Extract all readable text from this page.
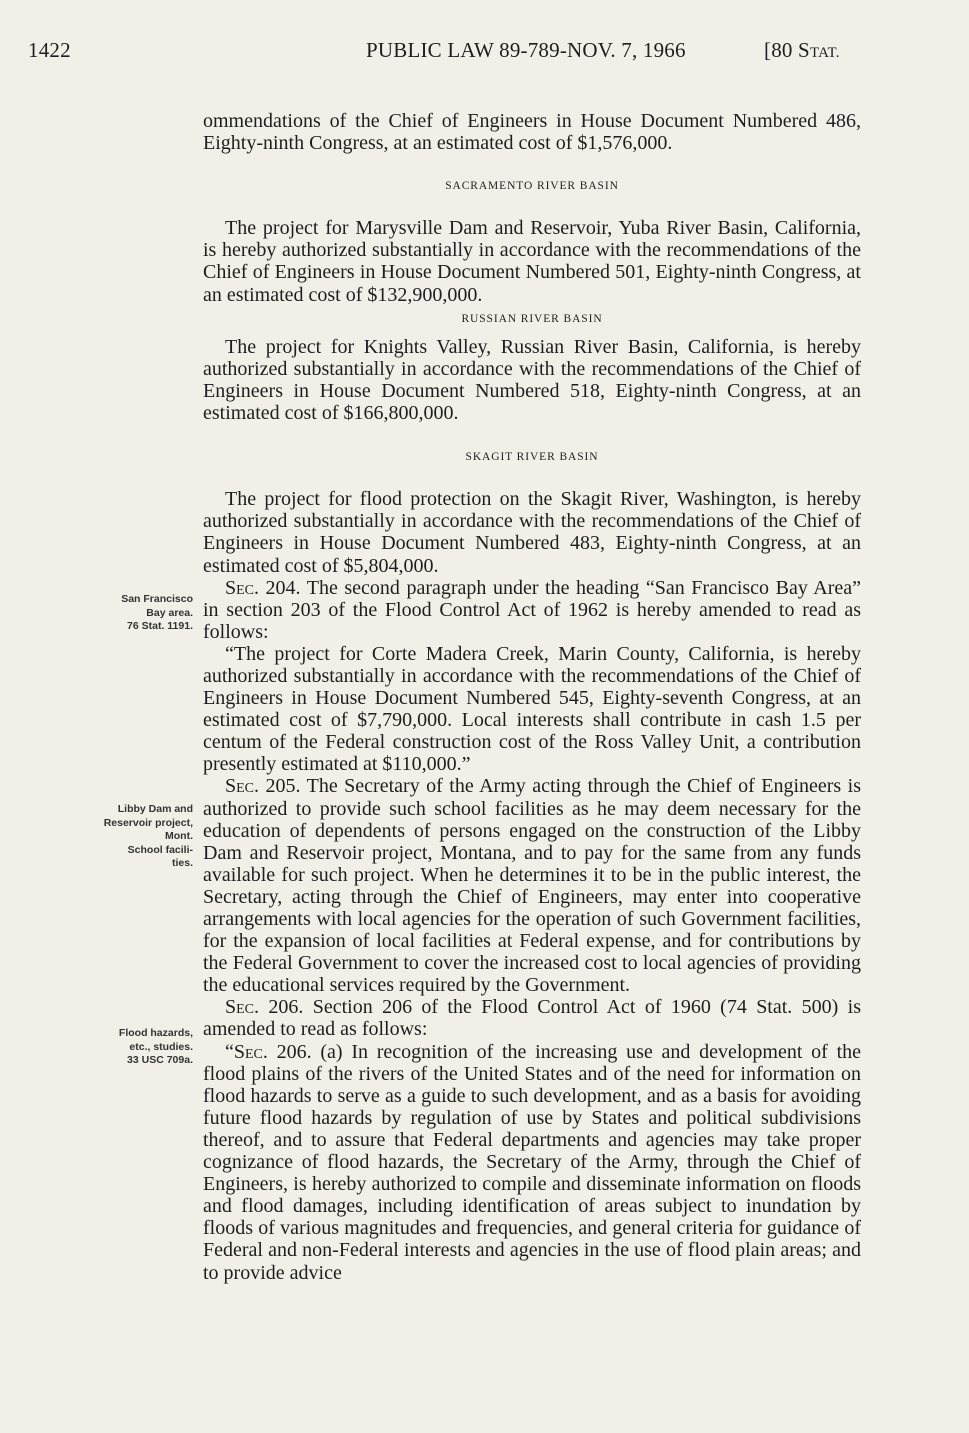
1422	PUBLIC LAW 89-789-NOV. 7, 1966	[80 STAT.
San Francisco
Bay area.
76 Stat. 1191.
Libby Dam and
Reservoir project,
Mont.
School facili-
ties.
Flood hazards,
etc., studies.
33 USC 709a.

ommendations of the Chief of Engineers in House Document Numbered 486, Eighty-ninth Congress, at an estimated cost of $1,576,000.

SACRAMENTO RIVER BASIN

The project for Marysville Dam and Reservoir, Yuba River Basin, California, is hereby authorized substantially in accordance with the recommendations of the Chief of Engineers in House Document Numbered 501, Eighty-ninth Congress, at an estimated cost of $132,900,000.

RUSSIAN RIVER BASIN

The project for Knights Valley, Russian River Basin, California, is hereby authorized substantially in accordance with the recommendations of the Chief of Engineers in House Document Numbered 518, Eighty-ninth Congress, at an estimated cost of $166,800,000.

SKAGIT RIVER BASIN

The project for flood protection on the Skagit River, Washington, is hereby authorized substantially in accordance with the recommendations of the Chief of Engineers in House Document Numbered 483, Eighty-ninth Congress, at an estimated cost of $5,804,000.

Sec. 204. The second paragraph under the heading “San Francisco Bay Area” in section 203 of the Flood Control Act of 1962 is hereby amended to read as follows:

“The project for Corte Madera Creek, Marin County, California, is hereby authorized substantially in accordance with the recommendations of the Chief of Engineers in House Document Numbered 545, Eighty-seventh Congress, at an estimated cost of $7,790,000. Local interests shall contribute in cash 1.5 per centum of the Federal construction cost of the Ross Valley Unit, a contribution presently estimated at $110,000.”

Sec. 205. The Secretary of the Army acting through the Chief of Engineers is authorized to provide such school facilities as he may deem necessary for the education of dependents of persons engaged on the construction of the Libby Dam and Reservoir project, Montana, and to pay for the same from any funds available for such project. When he determines it to be in the public interest, the Secretary, acting through the Chief of Engineers, may enter into cooperative arrangements with local agencies for the operation of such Government facilities, for the expansion of local facilities at Federal expense, and for contributions by the Federal Government to cover the increased cost to local agencies of providing the educational services required by the Government.

Sec. 206. Section 206 of the Flood Control Act of 1960 (74 Stat. 500) is amended to read as follows:

“Sec. 206. (a) In recognition of the increasing use and development of the flood plains of the rivers of the United States and of the need for information on flood hazards to serve as a guide to such development, and as a basis for avoiding future flood hazards by regulation of use by States and political subdivisions thereof, and to assure that Federal departments and agencies may take proper cognizance of flood hazards, the Secretary of the Army, through the Chief of Engineers, is hereby authorized to compile and disseminate information on floods and flood damages, including identification of areas subject to inundation by floods of various magnitudes and frequencies, and general criteria for guidance of Federal and non-Federal interests and agencies in the use of flood plain areas; and to provide advice
